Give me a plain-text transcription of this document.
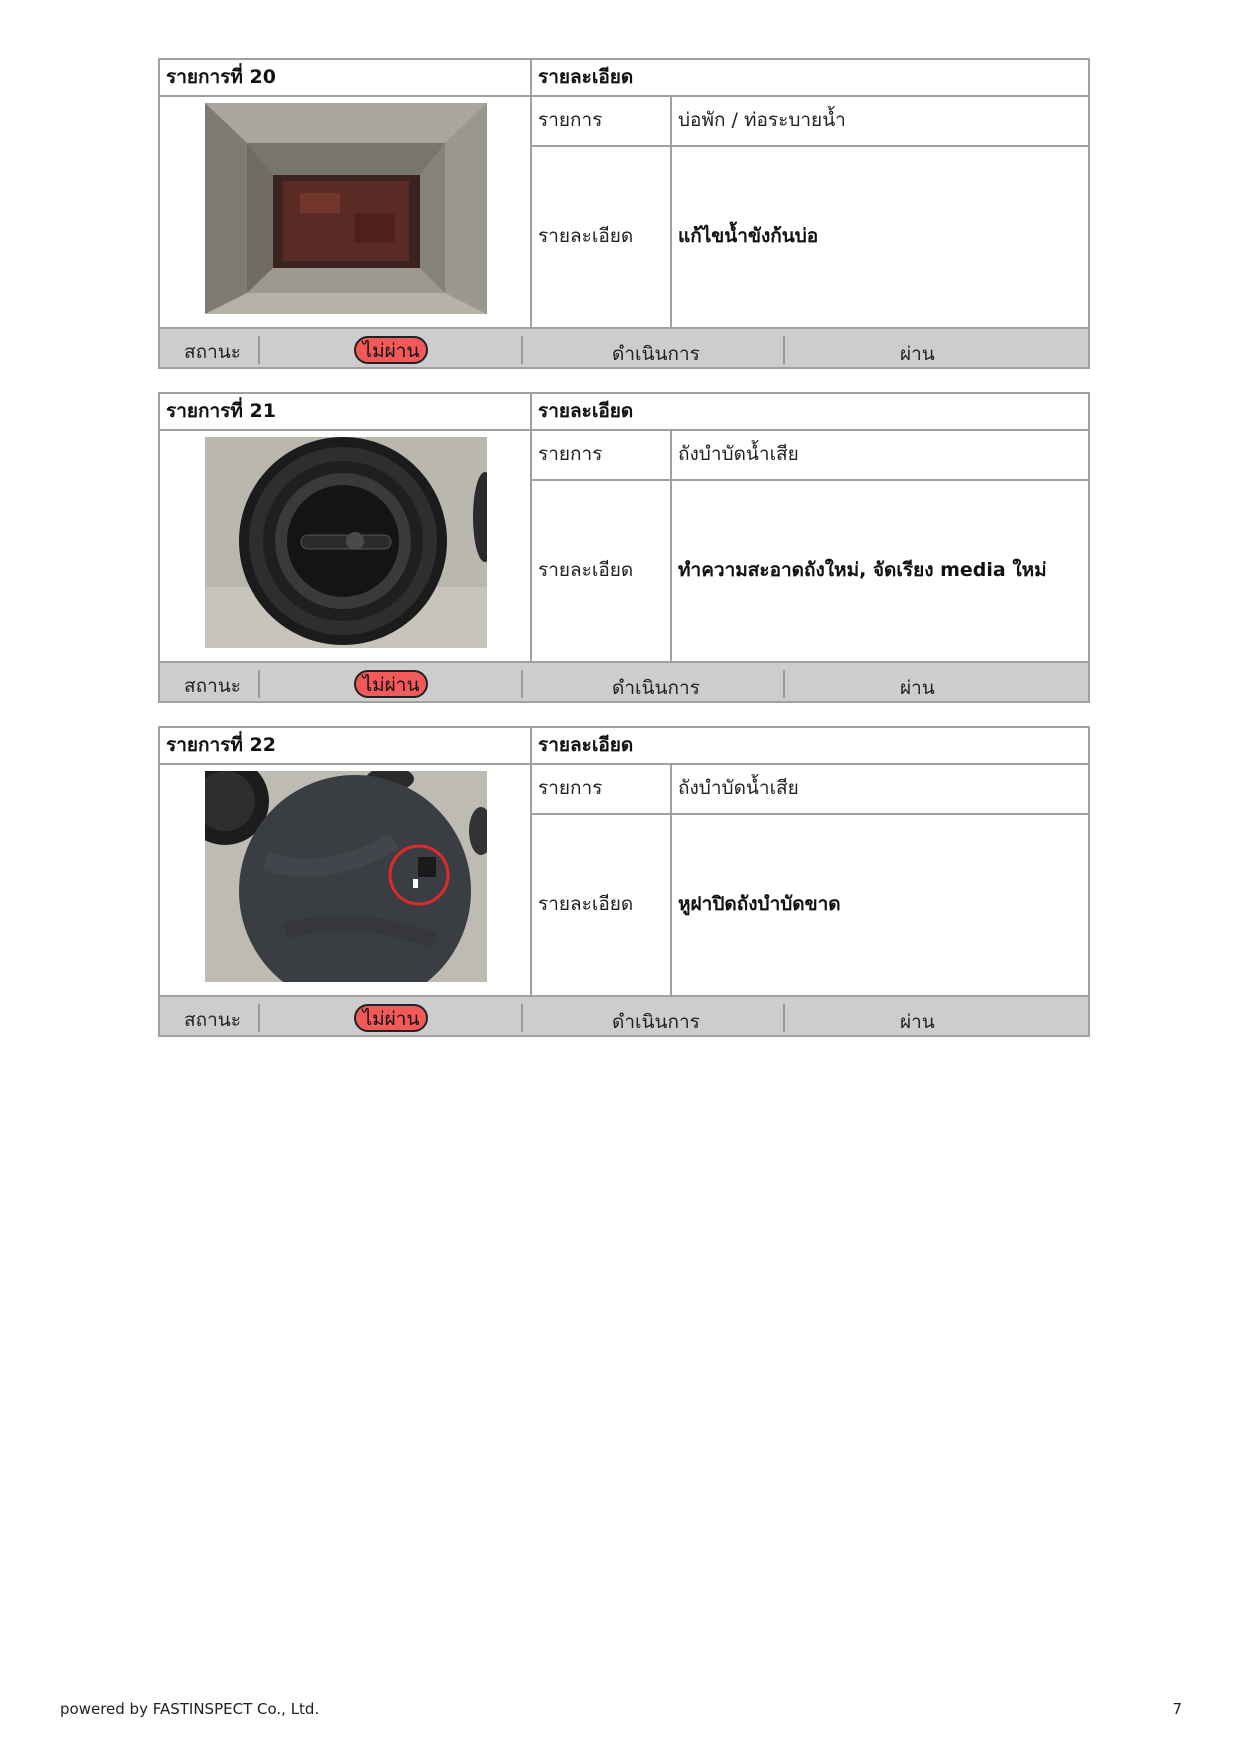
รายการที่ 20	รายละเอียด
รายการ	บ่อพัก / ท่อระบายน้ำ
รายละเอียด	แก้ไขน้ำขังก้นบ่อ
สถานะ	ไม่ผ่าน	ดำเนินการ	ผ่าน
รายการที่ 21	รายละเอียด
รายการ	ถังบำบัดน้ำเสีย
รายละเอียด	ทำความสะอาดถังใหม่, จัดเรียง media ใหม่
สถานะ	ไม่ผ่าน	ดำเนินการ	ผ่าน
รายการที่ 22	รายละเอียด
รายการ	ถังบำบัดน้ำเสีย
รายละเอียด	หูฝาปิดถังบำบัดขาด
สถานะ	ไม่ผ่าน	ดำเนินการ	ผ่าน
powered by FASTINSPECT Co., Ltd.	7
